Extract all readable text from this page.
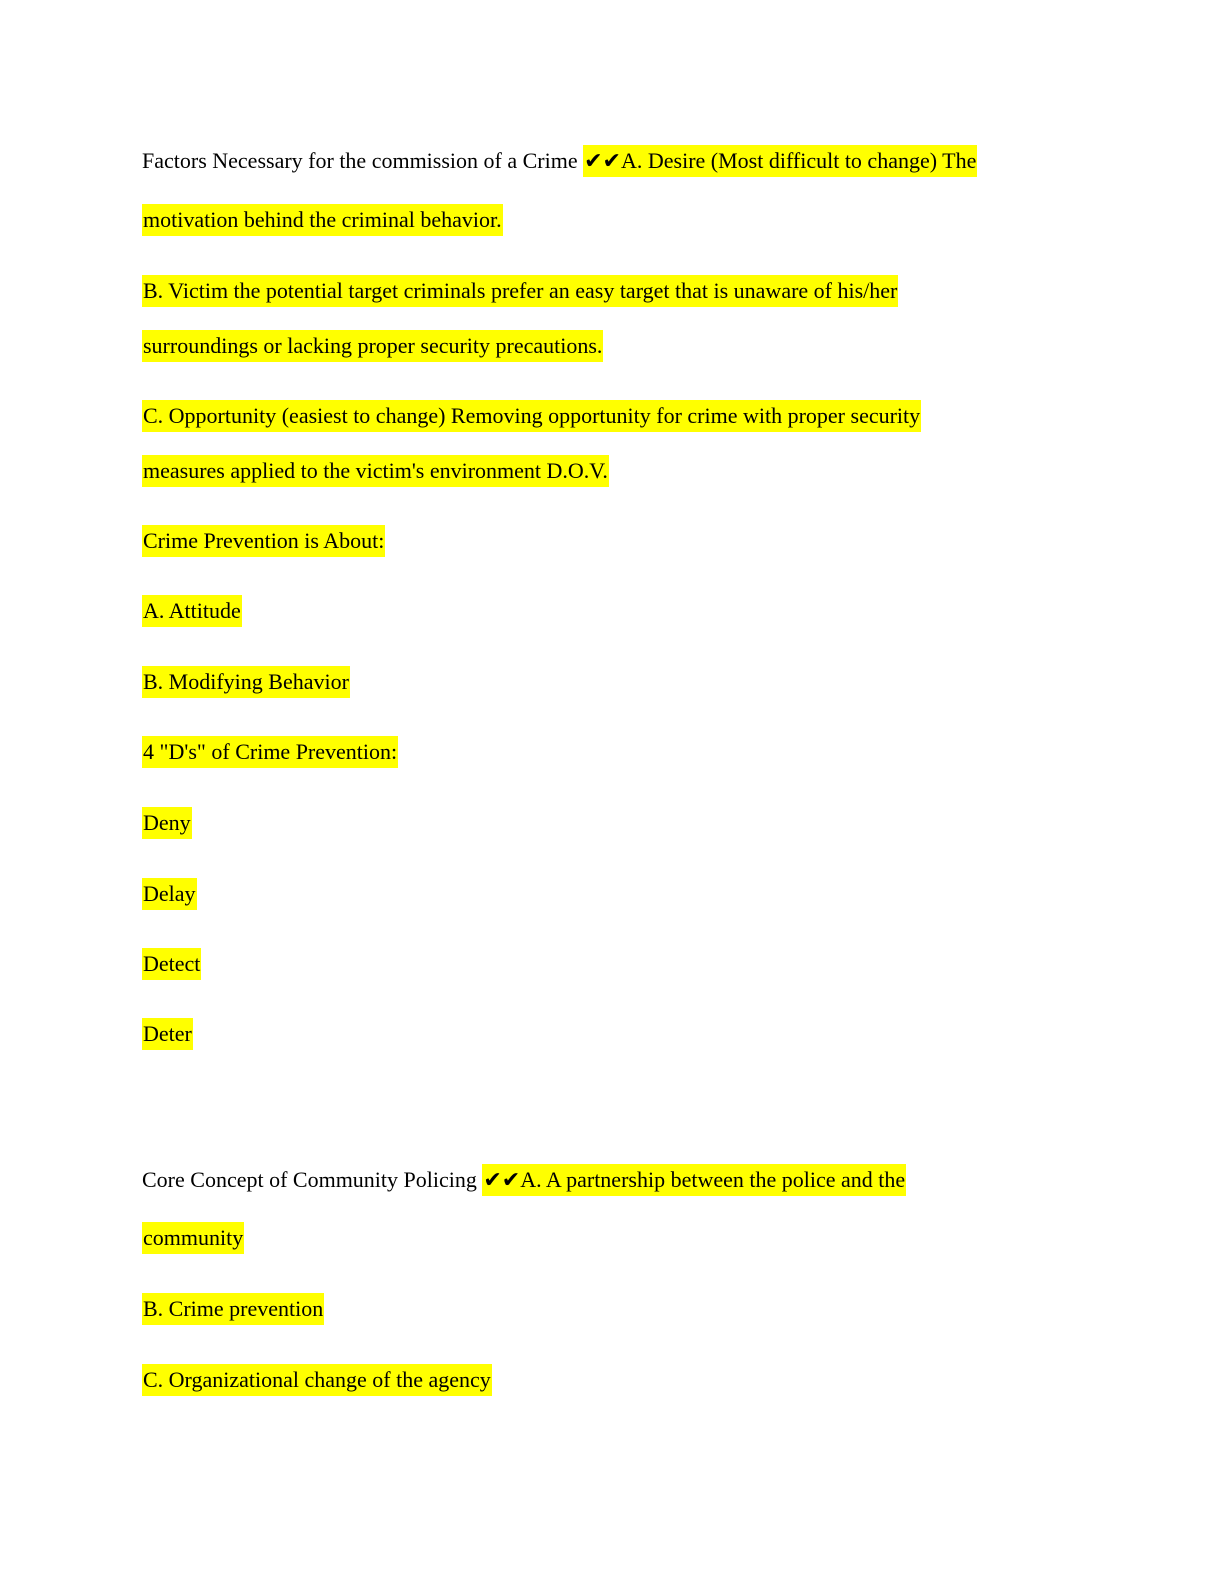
Factors Necessary for the commission of a Crime ✔✔A. Desire (Most difficult to change) The

motivation behind the criminal behavior.

B. Victim the potential target criminals prefer an easy target that is unaware of his/her

surroundings or lacking proper security precautions.

C. Opportunity (easiest to change) Removing opportunity for crime with proper security

measures applied to the victim's environment D.O.V.

Crime Prevention is About:

A. Attitude

B. Modifying Behavior

4 "D's" of Crime Prevention:

Deny

Delay

Detect

Deter

Core Concept of Community Policing ✔✔A. A partnership between the police and the

community

B. Crime prevention

C. Organizational change of the agency
